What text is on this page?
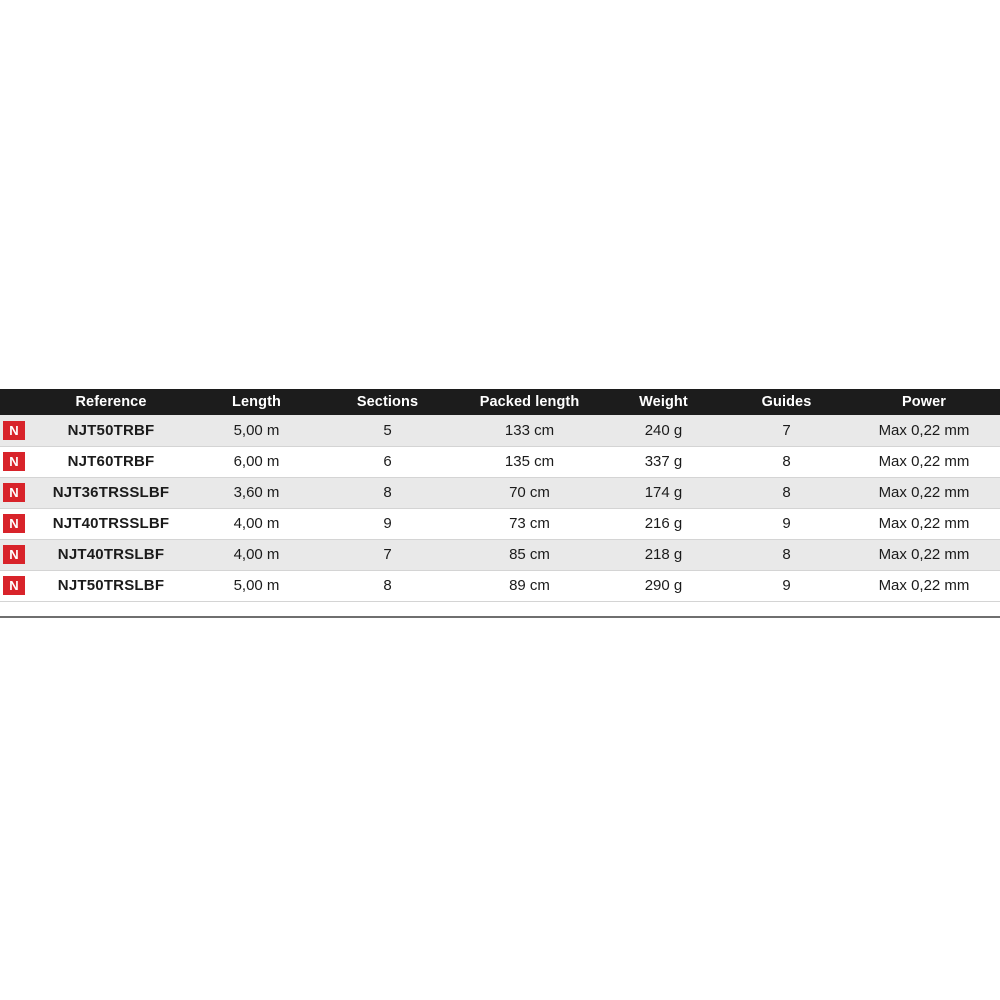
	Reference	Length	Sections	Packed length	Weight	Guides	Power

N	NJT50TRBF	5,00 m	5	133 cm	240 g	7	Max 0,22 mm

N	NJT60TRBF	6,00 m	6	135 cm	337 g	8	Max 0,22 mm

N	NJT36TRSSLBF	3,60 m	8	70 cm	174 g	8	Max 0,22 mm

N	NJT40TRSSLBF	4,00 m	9	73 cm	216 g	9	Max 0,22 mm

N	NJT40TRSLBF	4,00 m	7	85 cm	218 g	8	Max 0,22 mm

N	NJT50TRSLBF	5,00 m	8	89 cm	290 g	9	Max 0,22 mm
